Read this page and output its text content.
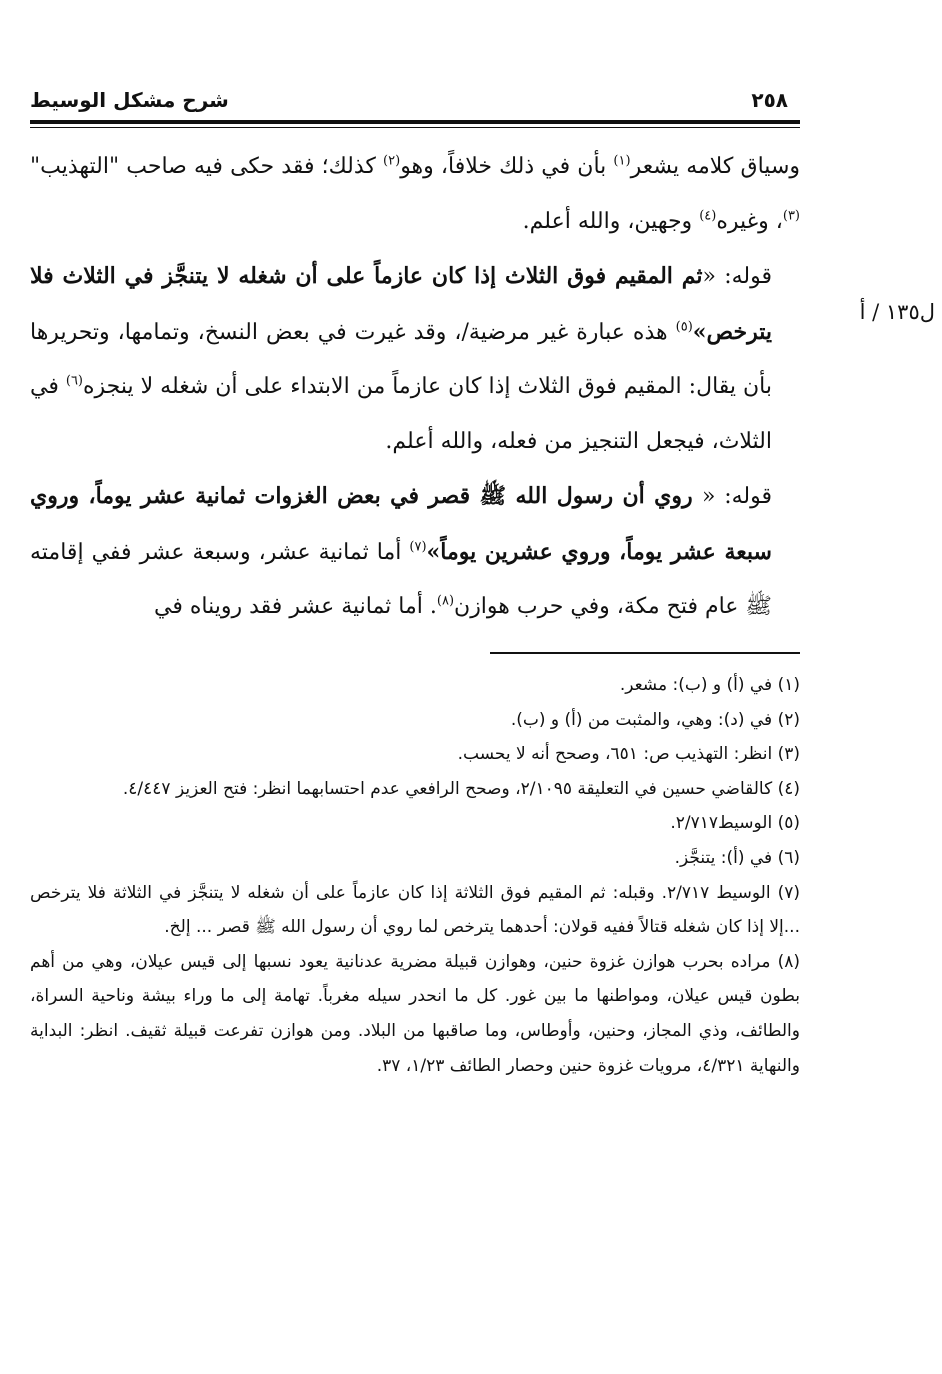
٢٥٨
شرح مشكل الوسيط
ل١٣٥ / أ

وسياق كلامه يشعر$^{(١)}$ بأن في ذلك خلافاً، وهو$^{(٢)}$ كذلك؛ فقد حكى فيه صاحب "التهذيب"$^{(٣)}$، وغيره$^{(٤)}$ وجهين، والله أعلم.

قوله: «ثم المقيم فوق الثلاث إذا كان عازماً على أن شغله لا يتنجَّز في الثلاث فلا يترخص»$^{(٥)}$ هذه عبارة غير مرضية/، وقد غيرت في بعض النسخ، وتمامها، وتحريرها بأن يقال: المقيم فوق الثلاث إذا كان عازماً من الابتداء على أن شغله لا ينجزه$^{(٦)}$ في الثلاث، فيجعل التنجيز من فعله، والله أعلم.

قوله: « روي أن رسول الله ﷺ قصر في بعض الغزوات ثمانية عشر يوماً، وروي سبعة عشر يوماً، وروي عشرين يوماً»$^{(٧)}$ أما ثمانية عشر، وسبعة عشر ففي إقامته ﷺ عام فتح مكة، وفي حرب هوازن$^{(٨)}$. أما ثمانية عشر فقد رويناه في

(١) في (أ) و (ب): مشعر.

(٢) في (د): وهي، والمثبت من (أ) و (ب).

(٣) انظر: التهذيب ص: ٦٥١، وصحح أنه لا يحسب.

(٤) كالقاضي حسين في التعليقة ٢/١٠٩٥، وصحح الرافعي عدم احتسابهما انظر: فتح العزيز ٤/٤٤٧.

(٥) الوسيط٢/٧١٧.

(٦) في (أ): يتنجَّز.

(٧) الوسيط ٢/٧١٧. وقبله: ثم المقيم فوق الثلاثة إذا كان عازماً على أن شغله لا يتنجَّز في الثلاثة فلا يترخص ...إلا إذا كان شغله قتالاً ففيه قولان: أحدهما يترخص لما روي أن رسول الله ﷺ قصر ... إلخ.

(٨) مراده بحرب هوازن غزوة حنين، وهوازن قبيلة مضرية عدنانية يعود نسبها إلى قيس عيلان، وهي من أهم بطون قيس عيلان، ومواطنها ما بين غور. كل ما انحدر سيله مغرباً. تهامة إلى ما وراء بيشة وناحية السراة، والطائف، وذي المجاز، وحنين، وأوطاس، وما صاقبها من البلاد. ومن هوازن تفرعت قبيلة ثقيف. انظر: البداية والنهاية ٤/٣٢١، مرويات غزوة حنين وحصار الطائف ١/٢٣، ٣٧.
